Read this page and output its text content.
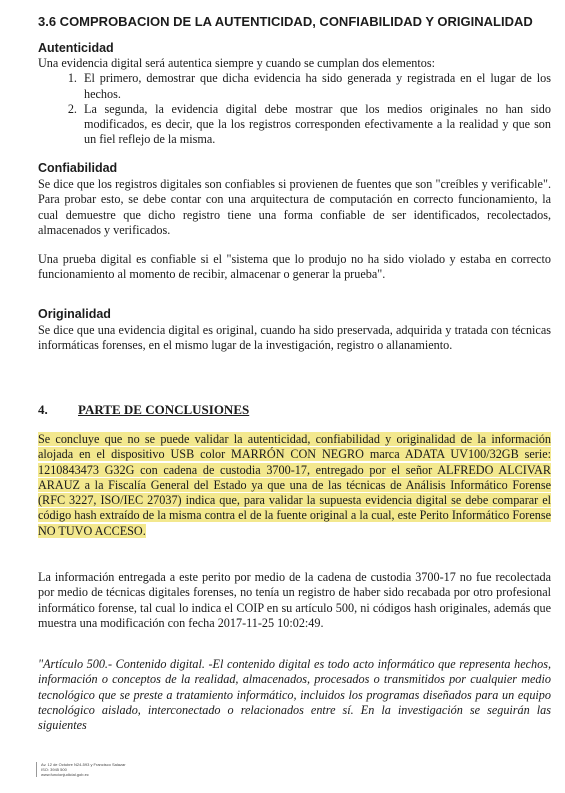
3.6 COMPROBACION DE LA AUTENTICIDAD, CONFIABILIDAD Y ORIGINALIDAD
Autenticidad

Una evidencia digital será autentica siempre y cuando se cumplan dos elementos:

1. El primero, demostrar que dicha evidencia ha sido generada y registrada en el lugar de los hechos.
2. La segunda, la evidencia digital debe mostrar que los medios originales no han sido modificados, es decir, que la los registros corresponden efectivamente a la realidad y que son un fiel reflejo de la misma.
Confiabilidad

Se dice que los registros digitales son confiables si provienen de fuentes que son "creíbles y verificable". Para probar esto, se debe contar con una arquitectura de computación en correcto funcionamiento, la cual demuestre que dicho registro tiene una forma confiable de ser identificados, recolectados, almacenados y verificados.

Una prueba digital es confiable si el "sistema que lo produjo no ha sido violado y estaba en correcto funcionamiento al momento de recibir, almacenar o generar la prueba".

Originalidad

Se dice que una evidencia digital es original, cuando ha sido preservada, adquirida y tratada con técnicas informáticas forenses, en el mismo lugar de la investigación, registro o allanamiento.

4.	PARTE DE CONCLUSIONES

Se concluye que no se puede validar la autenticidad, confiabilidad y originalidad de la información alojada en el dispositivo USB color MARRÓN CON NEGRO marca ADATA UV100/32GB serie: 1210843473 G32G con cadena de custodia 3700-17, entregado por el señor ALFREDO ALCIVAR ARAUZ a la Fiscalía General del Estado ya que una de las técnicas de Análisis Informático Forense (RFC 3227, ISO/IEC 27037) indica que, para validar la supuesta evidencia digital se debe comparar el código hash extraído de la misma contra el de la fuente original a la cual, este Perito Informático Forense NO TUVO ACCESO.

La información entregada a este perito por medio de la cadena de custodia 3700-17 no fue recolectada por medio de técnicas digitales forenses, no tenía un registro de haber sido recabada por otro profesional informático forense, tal cual lo indica el COIP en su artículo 500, ni códigos hash originales, además que muestra una modificación con fecha 2017-11-25 10:02:49.

"Artículo 500.- Contenido digital. -El contenido digital es todo acto informático que representa hechos, información o conceptos de la realidad, almacenados, procesados o transmitidos por cualquier medio tecnológico que se preste a tratamiento informático, incluidos los programas diseñados para un equipo tecnológico aislado, interconectado o relacionados entre sí. En la investigación se seguirán las siguientes

Av. 12 de Octubre N24-593 y Francisco Salazar
ISO: 3945 500
www.funcionjudicial.gob.ec
